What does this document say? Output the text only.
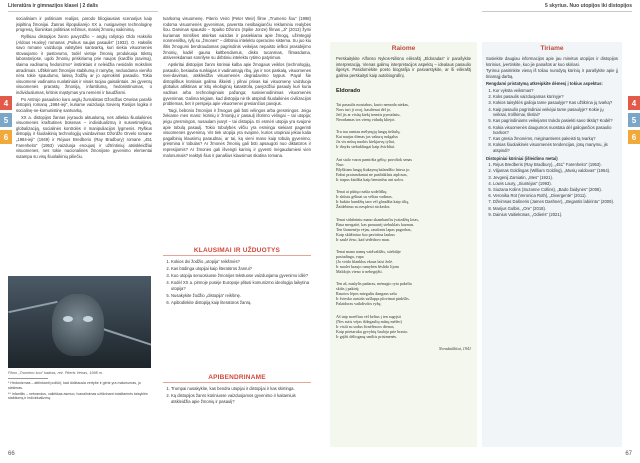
Literatūra ir gimnazijos klasei | 2 dalis
4
5
6

socialiniam ir politiniam realijos, parodo bliogiausias scenarijus kaip įsipiltiną žmonijai. Žanras išpopuliarėjo XX a. nusigavinęs technologinę progresą, šioninkas politinias režimus, masinį žmonių naikinimą.

Ryškiau distopijos žanro pavyzdžio – anglų rašytojo Oldo Haksilio (Aldous Huxley) romanas „Puikus naujas pasaulis“ (1932). O. Haksilis savo romane vaizduoja valstybės santvarką, kuri siekia visuomenės stovaujamo ir pastovumo, todėl vietoje žmonių produkuoja tūkstų laboratorijose, ugdo žmonių priskiriamą prie naujos (kardžio įsavimą), slaima vadinamų hedonizmo* instinktais ir neleidžia nesidalin mokslinis atradimais. Užtikrinant žmonijos stabilumą ir ramybę, neduodama vienišo nėra tokie spaudumo, laisvą žodžių ar jo apmokinti pasaulio. Tokia visuomenė vadinama nuolatiniais ir visais tuojau gaisalintais. Jei gyventų visuomenės prarastų žmoniją, infantilumą, hedonistinumas, o individualumas, kritinis mąstymas yra nemėmi ir baudžiami.

Po Antrojo pasaulinio karo anglų žurnalistas Džordžas Orvelas parašė distopinį romaną „1984-ieji“, kuriame vaizduoja Sovietų Rusijos logika ir socialinę-ne-komunistinę santvarką.

XX a. distopijos žanras įvyraudo aktualumą, nes atliekia šiuolaikinės visuomenės kraštutines būsenas – individualizmą ir susvetimėjimą, globalizaciją, socialinės kontrolės ir manipuliacijos lygmenis. Ryškus distopijų ir šiuolaikinių technologijų vaizdavimas Džordžo Orvelo romane „1984-ieji“ (1949) ir Rėjaus Bredberio (Ray Bradbury) romane „451 Farenheito“ (1953) vaizduoja enoujusį ir užtrintiniuj atsiskleidžiai visuomenes, nes tokie nacionalinės žmonijose gyvenimo elementai sutampa su visų šiuolaikinių piliečiu.

Filmo „Trumeno šou“ kadras, rež. Piteris Veiras, 1998 m.
* Hedonizmas – atitinkanti požiūrį, kad didžiausia vertybe ir gėris yra malonumas, jo siekimas.
** Infantilis – nebrandus, vaikiškas asmuo; Ivanalinimas užtikrinant totalitarinės taisyklės stabilumą ir individualizmą.

tvarkomą visuomenę. Piterio Veiro (Peter Weir) filme „Trumeno šou“ (1998) rodoma visuomenės gyvenimas, paversta nesibaigiančiu reklaminiu realybės šou. Darvinas spausdo – Spaiko Džonzo (Spike Jonze) filmas „Ji“ (2013) žymi kuriamas mintišies atsirkas vaizdas ir pasiekiama apie žmogų, užimtegoji nonmenišką, ryšį su „žmonės“ – dirbtiniu intelektu operacine sistema. Su juo kiu ištis žmogumi bendraudamas pagrindinis veikėjas nepaisto ieškoi prasidėjimo žmonių, kadėl gauna kaltbendamus, disko tucanmas, filmasdama, atsiverekdamas sonrilyse su dirbtiniu intelektu rytimo patyrimus.

Apskritai distopijos žanro kūriniai kalba apie žmogaus veiklos (technologijų, pasaulio, besiauba sunkiąjas ir vadinamąją ribų, jąs ir nos paskalą, visuomenes svei-davimas, atskleidžia visuomenės degradavimo tąrpus. Payal šie distopiškus kūriniais galima iškeisti į pilnai privas kai visuomenę vaizduoja globalus atliktinas ar kitų ekologinių katastrofa, pavyzdžiui pasauly kuri kuria vadinas arba technologiniais pažanga; susivienodinimas visuomenės gyvenimas. Galima teigiam, kad distopija nė tik atspindi šiuolaikinės civilizacijos problemas, bet ir perspėja apie visuomenei gresiančius pavojus.

Taigi, bebūnio žmonijos ir žmogus gali būti vėlingos arba gresmingos. Jeigu žekiame mes mano: kūrinių ir žmonijų ir pasaulį išūrimo vėlingai – tai utopija; jeigu gresmingos, nusaulam įvaryt – tai distopija. Ei esmėri utopija yra svajonė apie tobulą pasaulį. Tokio tobulybės vilčiu yra esminga siekiant pagerinti visuomenės gyvenimą. Vis tiek utopija yra svajonė, kurios utopiniai jekiai kalia pagalbinių klausimų paraudnai, ar tai, ką vieni mano kaip tobulą gyvenimo, grėsmina ir tobulas? Ar žmonės žmonių gali būti apsaugoti nuo diktatūros ir represijomis? Ar žmonės gali išvengti karinių ir gyventi mėgaudamiesi vien malonumais? Ieaktyti šius ir panašius klausimus skatina romana.

KLAUSIMAI IR UŽDUOTYS
1. Kokios dvi žodžio „utopija“ reikšmės?
2. Kas būdinga utopijai kaip literatūros žanrui?
3. Kuo utopija senuosiuose žmonijos tekstuose vaizduojama gyvenimo idilė?
4. Kodėl XX a. pirmoje pusėje Europoje plitusi komunizmo ideologija laikytina utopija?
5. Nusakykite žodžio „distopija“ reikšmę.
6. Apibūdinkite distopiją kaip literatūros žanrą.
APIBENDRINAME
1. Trumpai nusakykite, kas bendra utopijai ir distopijai ir kas skirtinga.
2. Ką distopijos žanro kūriniuose vaizduojamos gyvenimo ir kaitamiuis atskleidžia apie žmonių ir pasaulį?
66
5 skyrius. Nuo utopijos iki distopijos
4
5
6
67
Raiome

Perskaitykite Alfonso Nykos-Niliūno eilėraštį „Eldoradas“ ir parašykite interpretaciją. Vienas galimų interpretacijos aspektų – idealaus pasaulio ilgesys. Pasidomėkite poeto biografija ir pasvarstykite, ar ši eilėraštį galima perskaityti kaip autobiografinį.

Eldorado

Tai pasaulis mostabus, kurio nemoda niekas,
Nors turi ji ovoj, kasdienai dėl jo,
Jeil jis ar visūų kiekį tremtis pynutūsiu,
Neordamas tos vienų vidudų kliejot.

Tru tau ramiau mėlynųjų langų tirštulų,
Kai naujas dienas jas vakurų rudgalus
Jis vis mūsų nuokis kiekjarvų tyliai,
Ir išnyks stebuklingai kaip žvirbliai.

Ant stalo vazos pamiršta gėlių: pavoliok senas
Nuo:
Blyškiam langų šiukaynų balandžio laisva įo.
Enbsi prairasdumui ne pasibūklais atplosas,
Ir trapus žaidžia kaip beminčus ant uolos.

Tenai ai pūtiųo našia sodeliškų
Ir skūstu gėlinai su vėliau vadinas.
Ir buktio bandžių tarn vėl glaudžia kaip tiltą,
Žaidebimo su nesplesti nickedos.

Tenai sidabriniu mano skambančiu įvaizdžių lotas,
Basa mergaitė, kas paruaurij stebuklais kazmas.
Ten šiomenėja vėjas, raudonis lapas pagrobas,
Kaip skūžiniuo šuo pavirtina laukus
Ir saulė žeso, kad sėdėdavo man.

Tenai mano namų vaidvaldžis, stiebiūje
pasiudinga, vapa
(Jo veido blanklus ekaus laisi žolė.
Ir nuolei kraujo ramybėn šėslido lijom
Maldojis vieno ir nebegrįžti.

Ten aš, maūylis padaras, mėnugio ryta pakelia
skiūs į pakirtį;
Rasotos lėpos mieguliu dangaus sašu
Ir šviesko austrūs sušlapęs plovimai pinkšlis.
Palaidoras vaikdivdos ryžų;

Aš taip norėčiau vėl keltus į ten sugrįsti
(Nes sutis vėjas išdegaulių mūsų mėlėo)
Ir visiū su sodus širnėlėsoos dienas,
Kaip prietaruku gyvybių šauloja prie brasto.
Ir grįžti dėlioganą smiltis prisimenės.

Neradaiklitai, 1941

Tiriame

Susiekite daugiau informacijos apie jau minėtus utopijos ir distopijos kūrinius, įvertinkite, kuo jie panašūs ar kuo skiriasi.

Tyrimui pasirinkite vieną iš toliau nurodytų kūrinių ir parašykite apie jį tiriamąjį darbą.

Rengdami pristatymą atkreipkite dėmesį į tokius aspektus:
1. Kur vyksta veiksmas?
2. Koks pasaulis vaizduojamas kūrinyje?
3. Kokios taisyklės galioja tame pasaulyje? Kas užtikrina jų tvarką?
4. Kaip pasaulio pagrindiniai veikėjai tame pasaulyje? Kokie jų veiksai, troškimai, tikslai?
5. Kas pagrindiniams veikėjams trukdo pasiekti savo tikslą? Kodėl?
6. Kokia visuomenės daugumos nuostata dėl galiojančios pasaulio tvarkos?
7. Kas gresia žmonėms, mėginantiems pakeisti tą tvarką?
8. Kokias šiuolaikinės visuomenės tendencijas, jūsų manymu, jis atspindi?
Distopiniai kūriniai (išleidimo metai)
1. Rėjus Bredberis (Ray Bradbury), „451° Farenheito“ (1953).
2. Viljamas Goldingas (William Golding), „Musių valdovas“ (1954).
3. Jevgenij Zamiatin, „Mes“ (1921).
4. Lowis Laury, „Siuntėjas“ (1993).
5. Siuzana Kolins (Suzanne Collins), „Bado žaidynės“ (2008).
6. Veronika Rot (Veronica Roth), „Divergentė“ (2011).
7. Džeimsas Dašneris (James Dashner), „Begantis labirintu“ (2009).
8. Marijus Gulbis, „Ore“ (2018).
9. Dainius Vaitiekūnas, „Odieris“ (2021).
